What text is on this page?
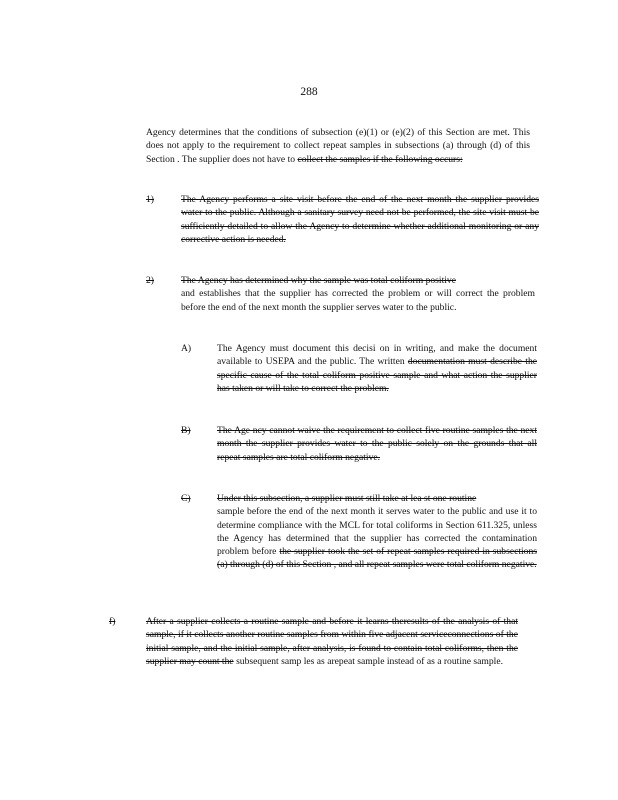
288
Agency determines that the conditions of subsection (e)(1) or (e)(2) of this Section are met. This does not apply to the requirement to collect repeat samples in subsections (a) through (d) of this Section . The supplier does not have to collect the samples if the following occurs:
1)	The Agency performs a site visit before the end of the next month the supplier provides water to the public. Although a sanitary survey need not be performed, the site visit must be sufficiently detailed to allow the Agency to determine whether additional monitoring or any corrective action is needed.
2)	The Agency has determined why the sample was total coliform positive
and establishes that the supplier has corrected the problem or will correct the problem before the end of the next month the supplier serves water to the public.
A)	The Agency must document this decisi on in writing, and make the document available to USEPA and the public. The written documentation must describe the specific cause of the total coliform positive sample and what action the supplier has taken or will take to correct the problem.
B)	The Age ncy cannot waive the requirement to collect five routine samples the next month the supplier provides water to the public solely on the grounds that all repeat samples are total coliform negative.
C)	Under this subsection, a supplier must still take at lea st one routine
sample before the end of the next month it serves water to the public and use it to determine compliance with the MCL for total coliforms in Section 611.325, unless the Agency has determined that the supplier has corrected the contamination problem before the supplier took the set of repeat samples required in subsections (a) through (d) of this Section , and all repeat samples were total coliform negative.
f)	After a supplier collects a routine sample and before it learns theresults of the analysis of that sample, if it collects another routine samples from within five adjacent serviceconnections of the initial sample, and the initial sample, after analysis, is found to contain total coliforms, then the supplier may count the subsequent samp les as arepeat sample instead of as a routine sample.
